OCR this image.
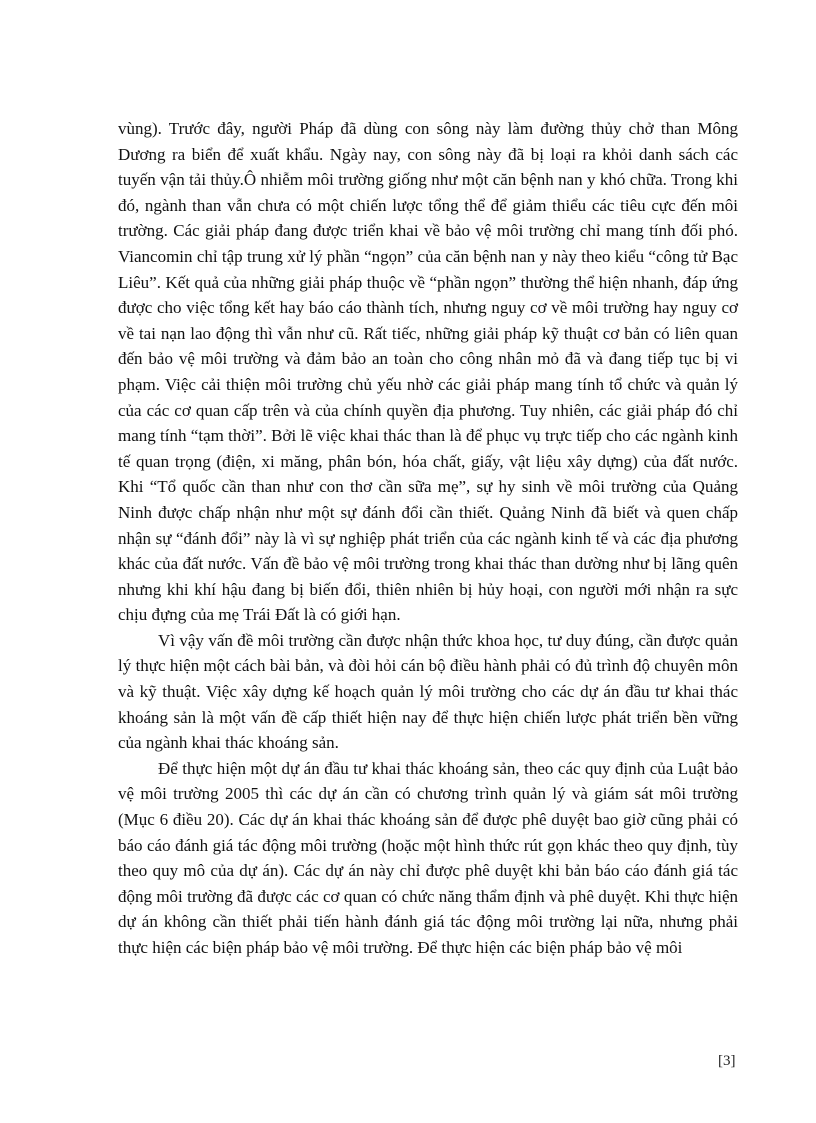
vùng). Trước đây, người Pháp đã dùng con sông này làm đường thủy chở than Mông Dương ra biển để xuất khẩu. Ngày nay, con sông này đã bị loại ra khỏi danh sách các tuyến vận tải thủy.Ô nhiễm môi trường giống như một căn bệnh nan y khó chữa. Trong khi đó, ngành than vẫn chưa có một chiến lược tổng thể để giảm thiểu các tiêu cực đến môi trường. Các giải pháp đang được triển khai về bảo vệ môi trường chỉ mang tính đối phó. Viancomin chỉ tập trung xử lý phần “ngọn” của căn bệnh nan y này theo kiểu “công tử Bạc Liêu”. Kết quả của những giải pháp thuộc về “phần ngọn” thường thể hiện nhanh, đáp ứng được cho việc tổng kết hay báo cáo thành tích, nhưng nguy cơ về môi trường hay nguy cơ về tai nạn lao động thì vẫn như cũ. Rất tiếc, những giải pháp kỹ thuật cơ bản có liên quan đến bảo vệ môi trường và đảm bảo an toàn cho công nhân mỏ đã và đang tiếp tục bị vi phạm. Việc cải thiện môi trường chủ yếu nhờ các giải pháp mang tính tổ chức và quản lý của các cơ quan cấp trên và của chính quyền địa phương. Tuy nhiên, các giải pháp đó chỉ mang tính “tạm thời”. Bởi lẽ việc khai thác than là để phục vụ trực tiếp cho các ngành kinh tế quan trọng (điện, xi măng, phân bón, hóa chất, giấy, vật liệu xây dựng) của đất nước. Khi “Tổ quốc cần than như con thơ cần sữa mẹ”, sự hy sinh về môi trường của Quảng Ninh được chấp nhận như một sự đánh đổi cần thiết. Quảng Ninh đã biết và quen chấp nhận sự “đánh đổi” này là vì sự nghiệp phát triển của các ngành kinh tế và các địa phương khác của đất nước. Vấn đề bảo vệ môi trường trong khai thác than dường như bị lãng quên nhưng khi khí hậu đang bị biến đổi, thiên nhiên bị hủy hoại, con người mới nhận ra sực chịu đựng của mẹ Trái Đất là có giới hạn.

Vì vậy vấn đề môi trường cần được nhận thức khoa học, tư duy đúng, cần được quản lý thực hiện một cách bài bản, và đòi hỏi cán bộ điều hành phải có đủ trình độ chuyên môn và kỹ thuật. Việc xây dựng kế hoạch quản lý môi trường cho các dự án đầu tư khai thác khoáng sản là một vấn đề cấp thiết hiện nay để thực hiện chiến lược phát triển bền vững của ngành khai thác khoáng sản.

Để thực hiện một dự án đầu tư khai thác khoáng sản, theo các quy định của Luật bảo vệ môi trường 2005 thì các dự án cần có chương trình quản lý và giám sát môi trường (Mục 6 điều 20). Các dự án khai thác khoáng sản để được phê duyệt bao giờ cũng phải có báo cáo đánh giá tác động môi trường (hoặc một hình thức rút gọn khác theo quy định, tùy theo quy mô của dự án). Các dự án này chỉ được phê duyệt khi bản báo cáo đánh giá tác động môi trường đã được các cơ quan có chức năng thẩm định và phê duyệt. Khi thực hiện dự án không cần thiết phải tiến hành đánh giá tác động môi trường lại nữa, nhưng phải thực hiện các biện pháp bảo vệ môi trường. Để thực hiện các biện pháp bảo vệ môi

[3]
